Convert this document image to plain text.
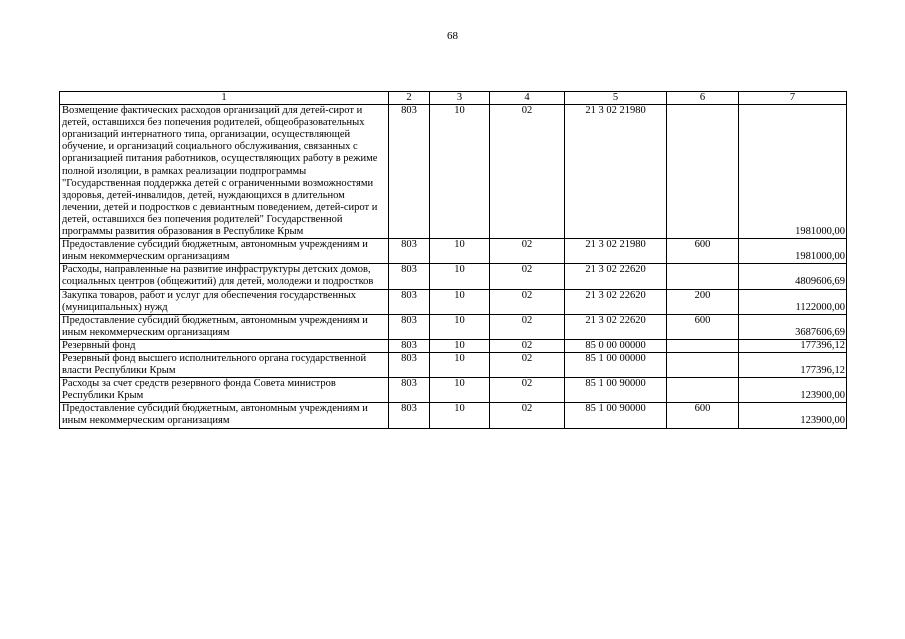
68
1	2	3	4	5	6	7
Возмещение фактических расходов организаций для детей-сирот и детей, оставшихся без попечения родителей, общеобразовательных организаций интернатного типа, организации, осуществляющей обучение, и организаций социального обслуживания, связанных с организацией питания работников, осуществляющих работу в режиме полной изоляции, в рамках реализации подпрограммы "Государственная поддержка детей с ограниченными возможностями здоровья, детей-инвалидов, детей, нуждающихся в длительном лечении, детей и подростков с девиантным поведением, детей-сирот и детей, оставшихся без попечения родителей" Государственной программы развития образования в Республике Крым	803	10	02	21 3 02 21980		1981000,00
Предоставление субсидий бюджетным, автономным учреждениям и иным некоммерческим организациям	803	10	02	21 3 02 21980	600	1981000,00
Расходы, направленные на развитие инфраструктуры детских домов, социальных центров (общежитий) для детей, молодежи и подростков	803	10	02	21 3 02 22620		4809606,69
Закупка товаров, работ и услуг для обеспечения государственных (муниципальных) нужд	803	10	02	21 3 02 22620	200	1122000,00
Предоставление субсидий бюджетным, автономным учреждениям и иным некоммерческим организациям	803	10	02	21 3 02 22620	600	3687606,69
Резервный фонд	803	10	02	85 0 00 00000		177396,12
Резервный фонд высшего исполнительного органа государственной власти Республики Крым	803	10	02	85 1 00 00000		177396,12
Расходы за счет средств резервного фонда Совета министров Республики Крым	803	10	02	85 1 00 90000		123900,00
Предоставление субсидий бюджетным, автономным учреждениям и иным некоммерческим организациям	803	10	02	85 1 00 90000	600	123900,00
